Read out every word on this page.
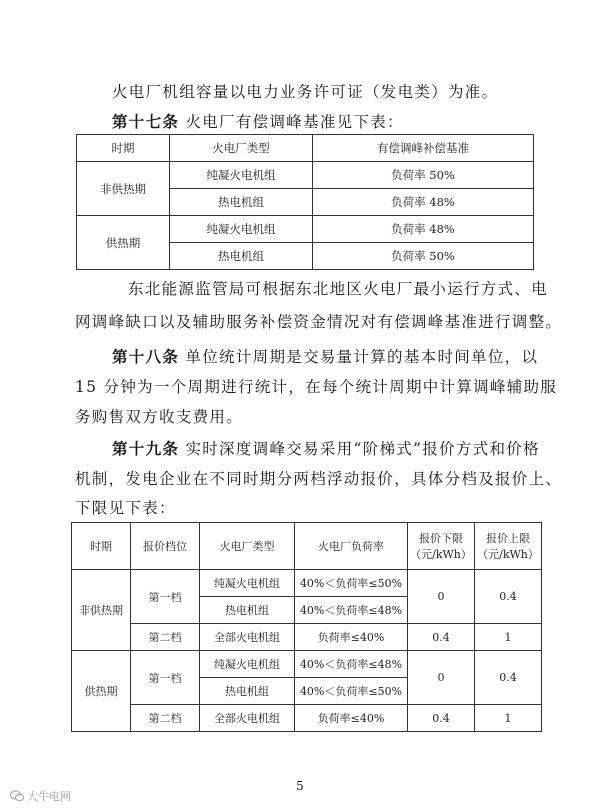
火电厂机组容量以电力业务许可证（发电类）为准。
第十七条 火电厂有偿调峰基准见下表：
时期	火电厂类型	有偿调峰补偿基准
非供热期	纯凝火电机组	负荷率 50%
	热电机组	负荷率 48%
供热期	纯凝火电机组	负荷率 48%
	热电机组	负荷率 50%
东北能源监管局可根据东北地区火电厂最小运行方式、电
网调峰缺口以及辅助服务补偿资金情况对有偿调峰基准进行调整。
第十八条 单位统计周期是交易量计算的基本时间单位，以
15 分钟为一个周期进行统计，在每个统计周期中计算调峰辅助服
务购售双方收支费用。
第十九条 实时深度调峰交易采用“阶梯式”报价方式和价格
机制，发电企业在不同时期分两档浮动报价，具体分档及报价上、
下限见下表：
时期	报价档位	火电厂类型	火电厂负荷率	报价下限
（元/kWh）	报价上限
（元/kWh）
非供热期	第一档	纯凝火电机组	40%＜负荷率≤50%	0	0.4
		热电机组	40%＜负荷率≤48%		
	第二档	全部火电机组	负荷率≤40%	0.4	1
供热期	第一档	纯凝火电机组	40%＜负荷率≤48%	0	0.4
		热电机组	40%＜负荷率≤50%		
	第二档	全部火电机组	负荷率≤40%	0.4	1
5
大牛电网
